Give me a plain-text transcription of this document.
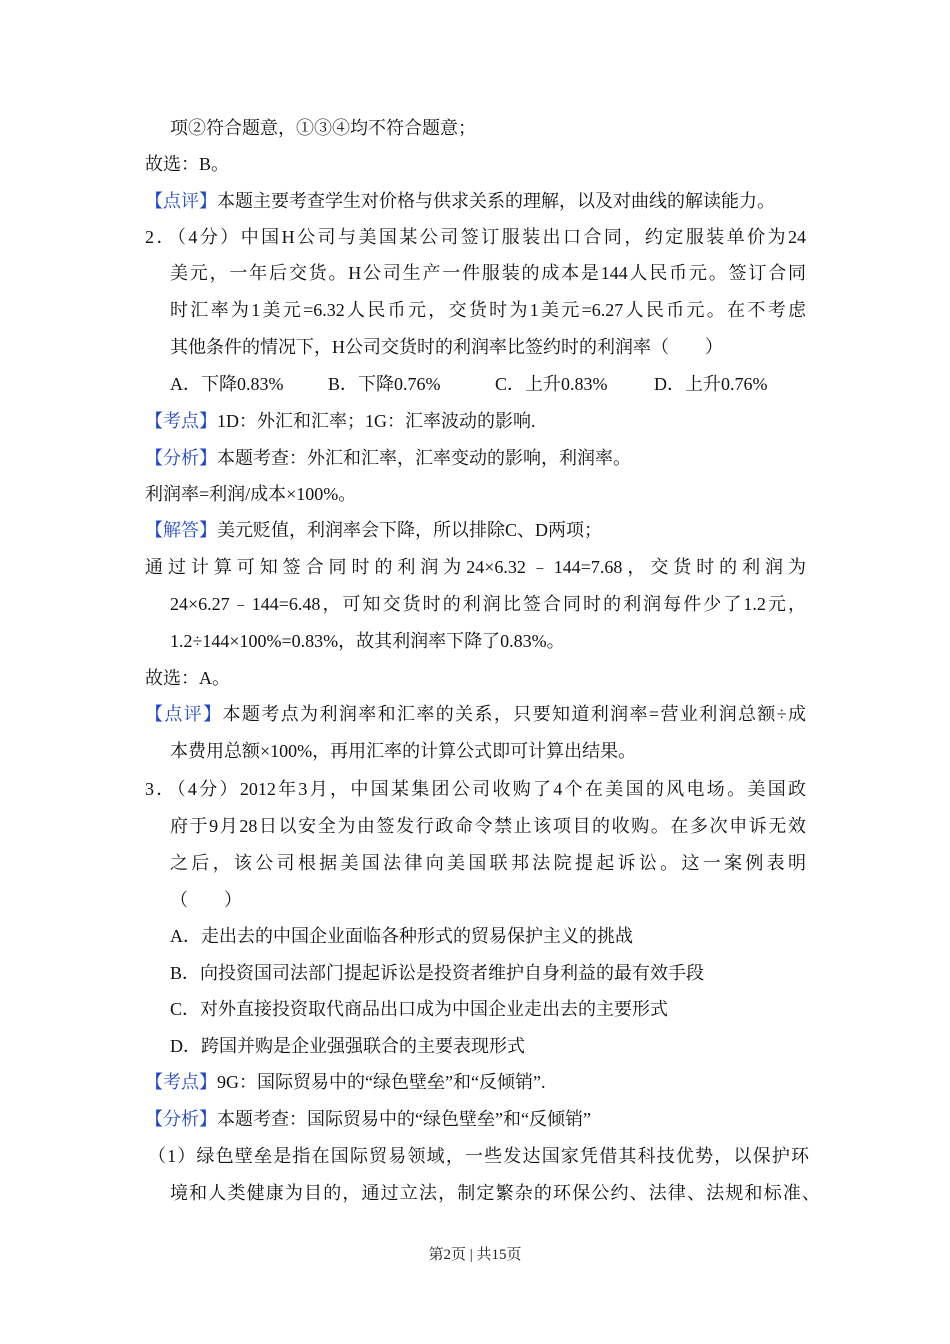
项②符合题意，①③④均不符合题意；
故选：B。
【点评】本题主要考查学生对价格与供求关系的理解，以及对曲线的解读能力。
2．（4分）中国H公司与美国某公司签订服装出口合同，约定服装单价为24
美元，一年后交货。H公司生产一件服装的成本是144人民币元。签订合同
时汇率为1美元=6.32人民币元，交货时为1美元=6.27人民币元。在不考虑
其他条件的情况下，H公司交货时的利润率比签约时的利润率（　　）
A．下降0.83% B．下降0.76%	C．上升0.83%	D．上升0.76%
【考点】1D：外汇和汇率；1G：汇率波动的影响.
【分析】本题考查：外汇和汇率，汇率变动的影响，利润率。
利润率=利润/成本×100%。
【解答】美元贬值，利润率会下降，所以排除C、D两项；
通过计算可知签合同时的利润为24×6.32﹣144=7.68，交货时的利润为
24×6.27﹣144=6.48，可知交货时的利润比签合同时的利润每件少了1.2元，
1.2÷144×100%=0.83%，故其利润率下降了0.83%。
故选：A。
【点评】本题考点为利润率和汇率的关系，只要知道利润率=营业利润总额÷成
本费用总额×100%，再用汇率的计算公式即可计算出结果。
3．（4分）2012年3月，中国某集团公司收购了4个在美国的风电场。美国政
府于9月28日以安全为由签发行政命令禁止该项目的收购。在多次申诉无效
之后，该公司根据美国法律向美国联邦法院提起诉讼。这一案例表明
（　　）
A．走出去的中国企业面临各种形式的贸易保护主义的挑战
B．向投资国司法部门提起诉讼是投资者维护自身利益的最有效手段
C．对外直接投资取代商品出口成为中国企业走出去的主要形式
D．跨国并购是企业强强联合的主要表现形式
【考点】9G：国际贸易中的“绿色壁垒”和“反倾销”.
【分析】本题考查：国际贸易中的“绿色壁垒”和“反倾销”
（1）绿色壁垒是指在国际贸易领域，一些发达国家凭借其科技优势，以保护环
境和人类健康为目的，通过立法，制定繁杂的环保公约、法律、法规和标准、
第2页 | 共15页
